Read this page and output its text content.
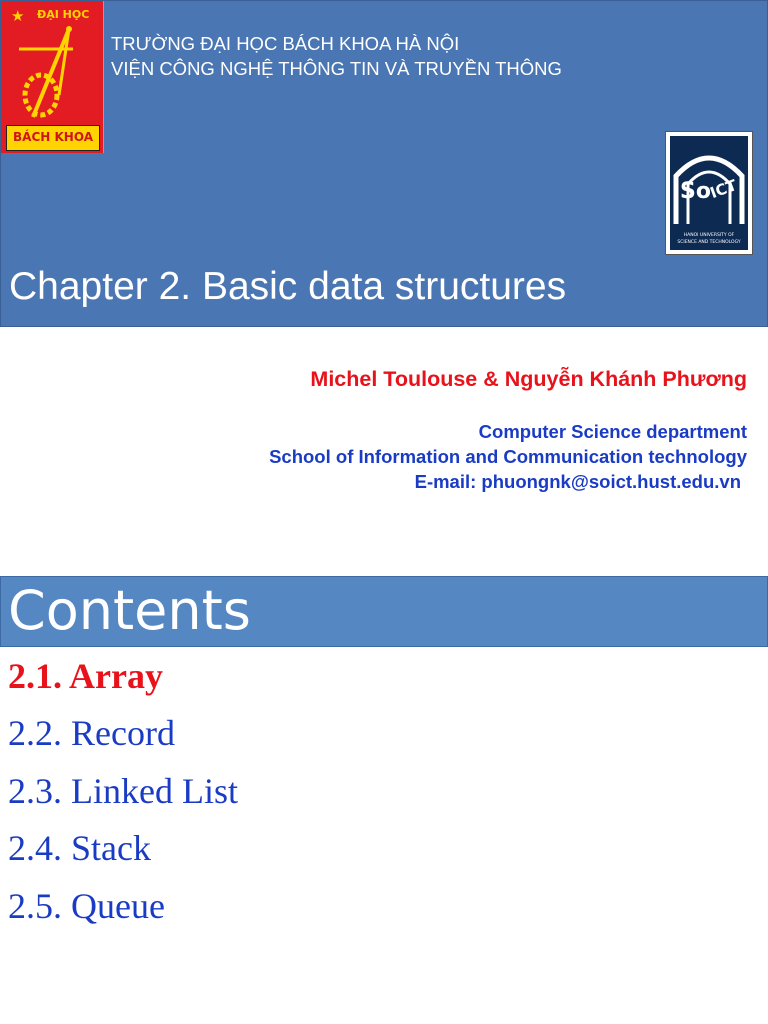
★ ĐẠI HỌC
BÁCH KHOA
TRƯỜNG ĐẠI HỌC BÁCH KHOA HÀ NỘI
VIỆN CÔNG NGHỆ THÔNG TIN VÀ TRUYỀN THÔNG
So
ICT
HANOI UNIVERSITY OF
SCIENCE AND TECHNOLOGY
Chapter 2. Basic data structures
Michel Toulouse & Nguyễn Khánh Phương
Computer Science department
School of Information and Communication technology
E-mail: phuongnk@soict.hust.edu.vn
Contents
2.1. Array
2.2. Record
2.3. Linked List
2.4. Stack
2.5. Queue
